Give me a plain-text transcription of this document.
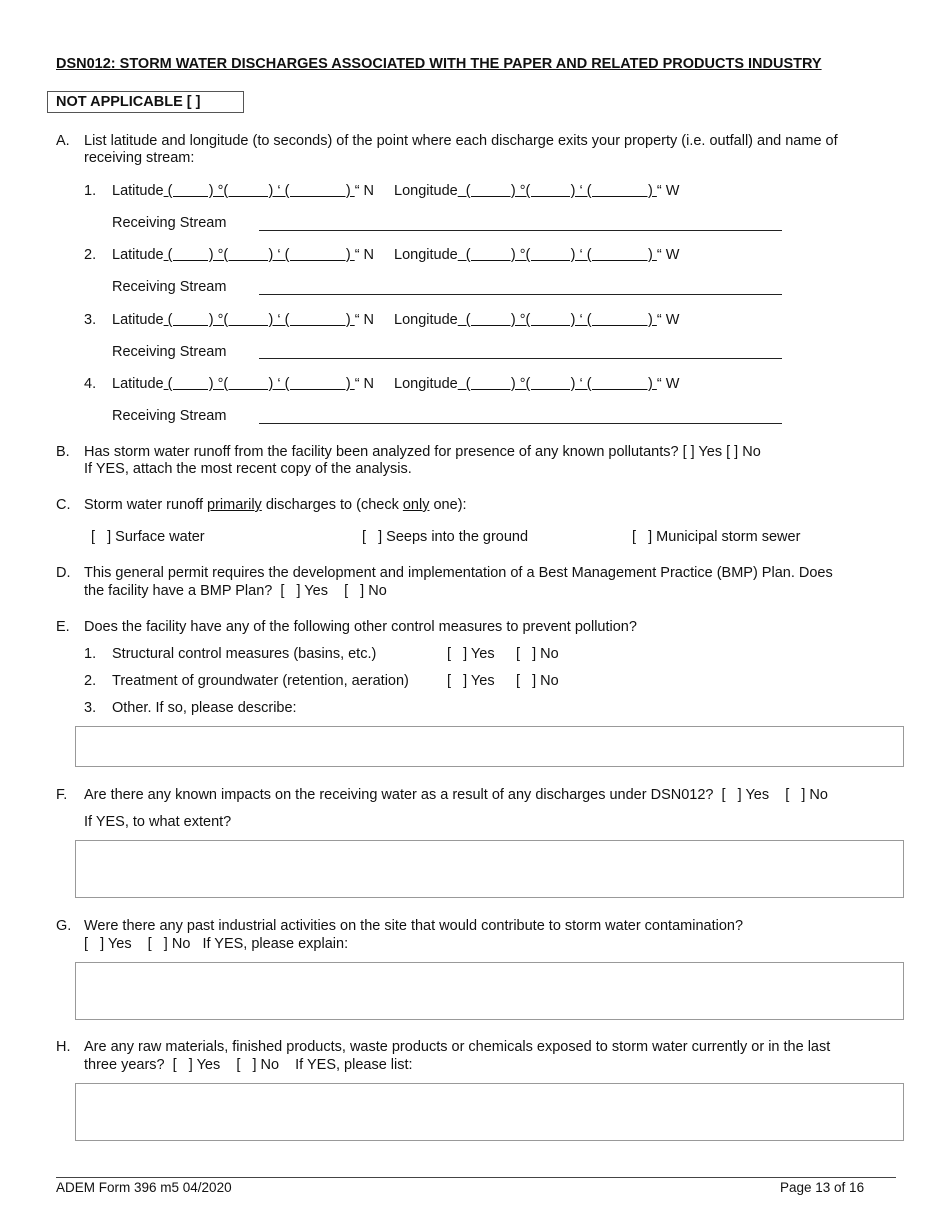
DSN012: STORM WATER DISCHARGES ASSOCIATED WITH THE PAPER AND RELATED PRODUCTS INDUSTRY
NOT APPLICABLE [ ]
A. List latitude and longitude (to seconds) of the point where each discharge exits your property (i.e. outfall) and name of receiving stream:
1. Latitude (         ) °(          ) ‘ (              ) “ N Longitude  (          ) °(          ) ‘ (              ) “ W
Receiving Stream
2. Latitude (         ) °(          ) ‘ (              ) “ N Longitude  (          ) °(          ) ‘ (              ) “ W
Receiving Stream
3. Latitude (         ) °(          ) ‘ (              ) “ N Longitude  (          ) °(          ) ‘ (              ) “ W
Receiving Stream
4. Latitude (         ) °(          ) ‘ (              ) “ N Longitude  (          ) °(          ) ‘ (              ) “ W
Receiving Stream
B. Has storm water runoff from the facility been analyzed for presence of any known pollutants? [ ] Yes [ ] No
If YES, attach the most recent copy of the analysis.
C. Storm water runoff primarily discharges to (check only one):
[   ] Surface water	[   ] Seeps into the ground	[   ] Municipal storm sewer
D. This general permit requires the development and implementation of a Best Management Practice (BMP) Plan. Does
the facility have a BMP Plan?  [   ] Yes    [   ] No
E. Does the facility have any of the following other control measures to prevent pollution?
1. Structural control measures (basins, etc.)	[   ] Yes [   ] No
2. Treatment of groundwater (retention, aeration)	[   ] Yes [   ] No
3. Other. If so, please describe:
F. Are there any known impacts on the receiving water as a result of any discharges under DSN012?  [   ] Yes    [   ] No
If YES, to what extent?
G. Were there any past industrial activities on the site that would contribute to storm water contamination?
[   ] Yes    [   ] No   If YES, please explain:
H. Are any raw materials, finished products, waste products or chemicals exposed to storm water currently or in the last
three years?  [   ] Yes    [   ] No    If YES, please list:
ADEM Form 396 m5 04/2020	Page 13 of 16
